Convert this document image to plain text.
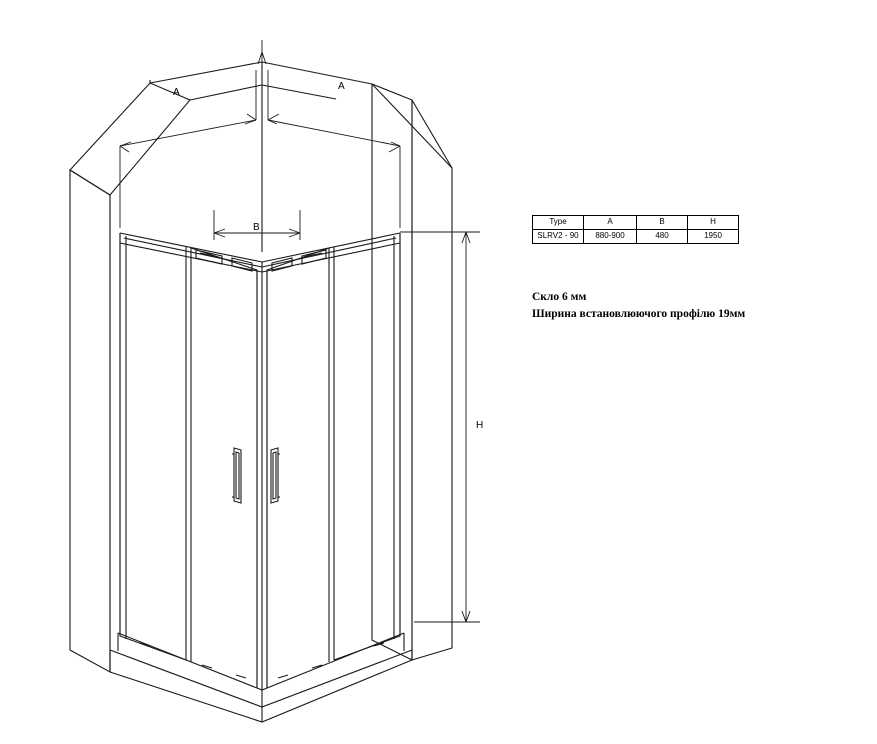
A
A
B
H
Type	A	B	H
SLRV2 - 90	880-900	480	1950
Скло 6 мм
Ширина встановлюючого профілю 19мм
